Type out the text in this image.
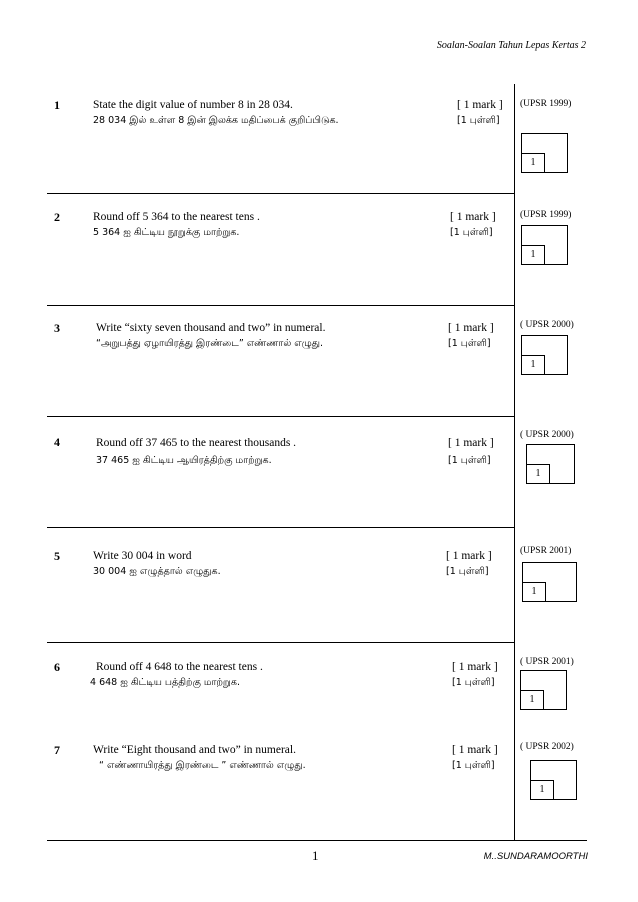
Soalan-Soalan Tahun Lepas Kertas 2
1	State the digit value of number 8 in 28 034.
28 034 இல் உள்ள 8 இன் இலக்க மதிப்பைக் குறிப்பிடுக.
[ 1 mark ]
[1 புள்ளி]
(UPSR 1999)
1
2	Round off 5 364 to the nearest tens .
5 364 ஐ கிட்டிய நூறுக்கு மாற்றுக.
[ 1 mark ]
[1 புள்ளி]
(UPSR 1999)
1
3	Write “sixty seven thousand and two” in numeral.
“அறுபத்து ஏழாயிரத்து இரண்டை” எண்ணால் எழுது.
[ 1 mark ]
[1 புள்ளி]
( UPSR 2000)
1
4	Round off 37 465 to the nearest thousands .
37 465 ஐ கிட்டிய ஆயிரத்திற்கு மாற்றுக.
[ 1 mark ]
[1 புள்ளி]
( UPSR 2000)
1
5	Write 30 004 in word
30 004 ஐ எழுத்தால் எழுதுக.
[ 1 mark ]
[1 புள்ளி]
(UPSR 2001)
1
6	Round off 4 648 to the nearest tens .
4 648 ஐ கிட்டிய பத்திற்கு மாற்றுக.
[ 1 mark ]
[1 புள்ளி]
( UPSR 2001)
1
7	Write “Eight thousand and two” in numeral.
“ எண்ணாயிரத்து இரண்டை ” எண்ணால் எழுது.
[ 1 mark ]
[1 புள்ளி]
( UPSR 2002)
1
1	M..SUNDARAMOORTHI
